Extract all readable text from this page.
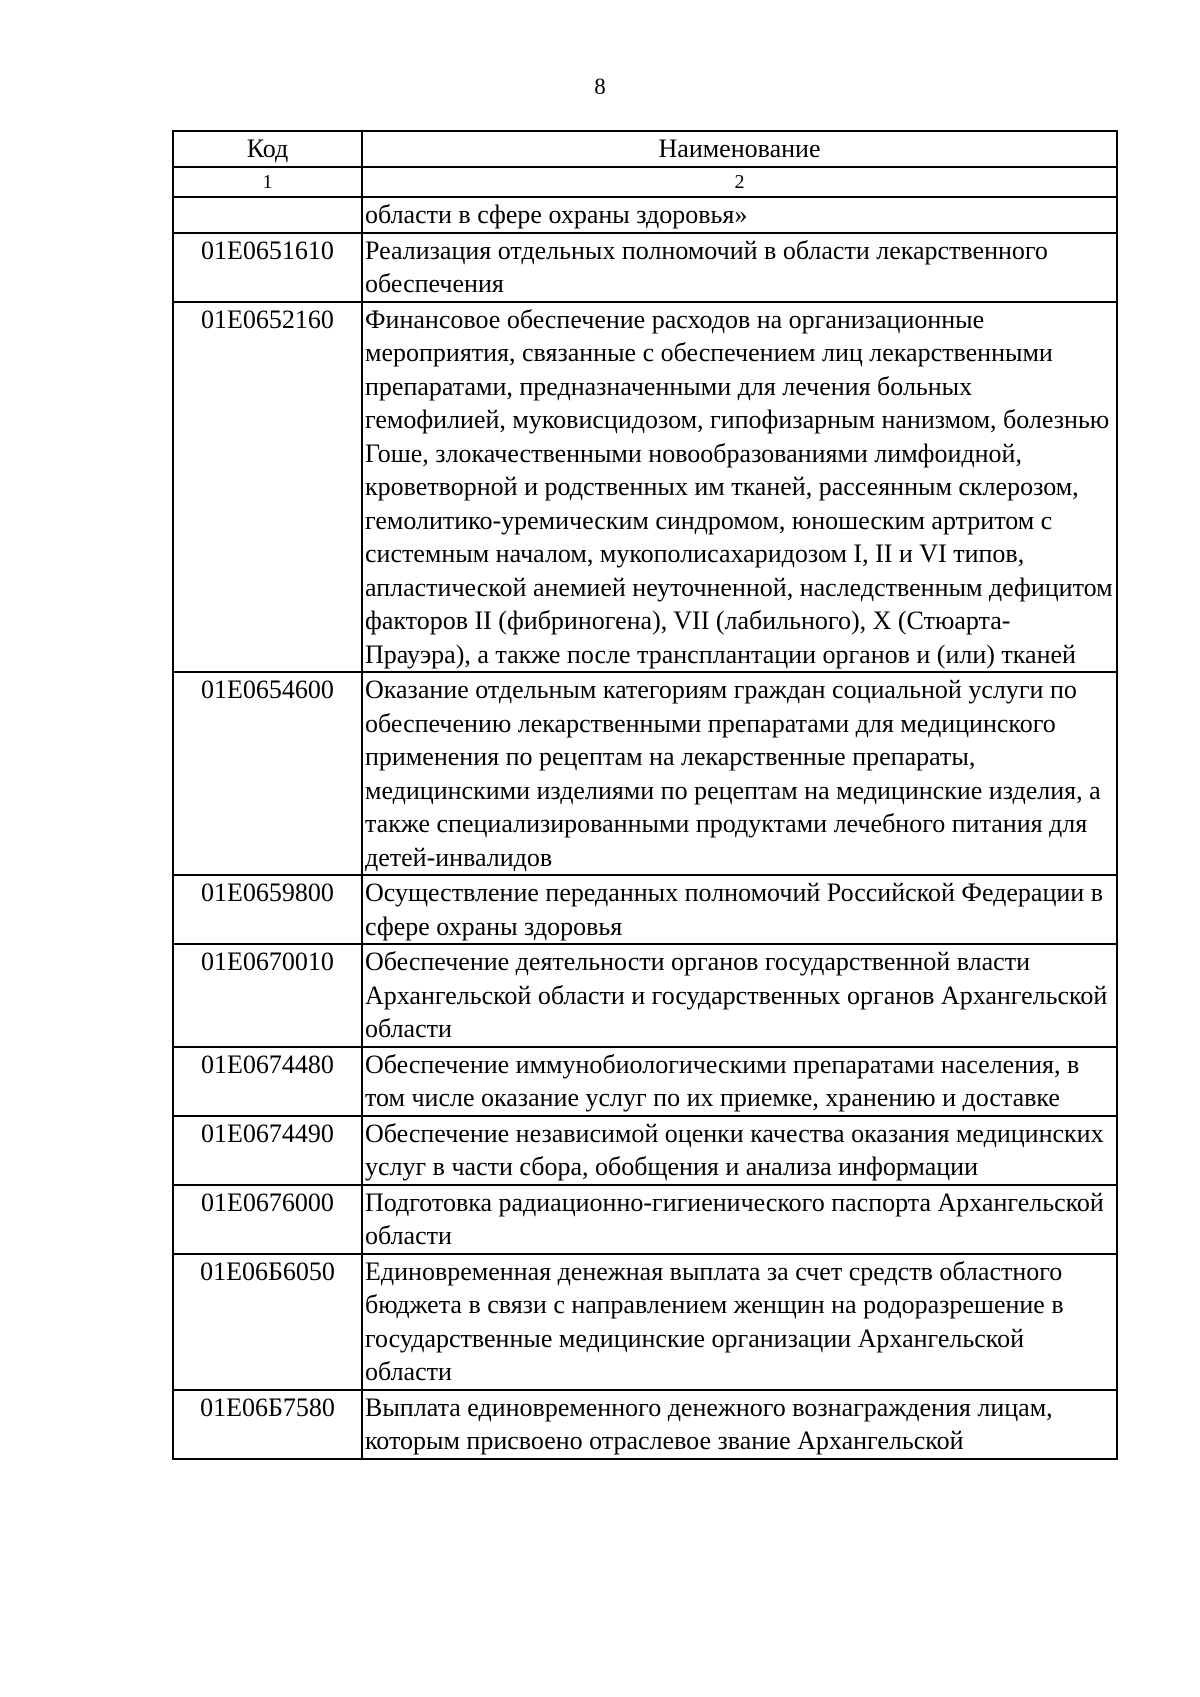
8
Код	Наименование
1	2
	области в сфере охраны здоровья»
01Е0651610	Реализация отдельных полномочий в области лекарственного обеспечения
01Е0652160	Финансовое обеспечение расходов на организационные мероприятия, связанные с обеспечением лиц лекарственными препаратами, предназначенными для лечения больных гемофилией, муковисцидозом, гипофизарным нанизмом, болезнью Гоше, злокачественными новообразованиями лимфоидной, кроветворной и родственных им тканей, рассеянным склерозом, гемолитико-уремическим синдромом, юношеским артритом с системным началом, мукополисахаридозом I, II и VI типов, апластической анемией неуточненной, наследственным дефицитом факторов II (фибриногена), VII (лабильного), X (Стюарта-Прауэра), а также после трансплантации органов и (или) тканей
01Е0654600	Оказание отдельным категориям граждан социальной услуги по обеспечению лекарственными препаратами для медицинского применения по рецептам на лекарственные препараты, медицинскими изделиями по рецептам на медицинские изделия, а также специализированными продуктами лечебного питания для детей-инвалидов
01Е0659800	Осуществление переданных полномочий Российской Федерации в сфере охраны здоровья
01Е0670010	Обеспечение деятельности органов государственной власти Архангельской области и государственных органов Архангельской области
01Е0674480	Обеспечение иммунобиологическими препаратами населения, в том числе оказание услуг по их приемке, хранению и доставке
01Е0674490	Обеспечение независимой оценки качества оказания медицинских услуг в части сбора, обобщения и анализа информации
01Е0676000	Подготовка радиационно-гигиенического паспорта Архангельской области
01Е06Б6050	Единовременная денежная выплата за счет средств областного бюджета в связи с направлением женщин на родоразрешение в государственные медицинские организации Архангельской области
01Е06Б7580	Выплата единовременного денежного вознаграждения лицам, которым присвоено отраслевое звание Архангельской
